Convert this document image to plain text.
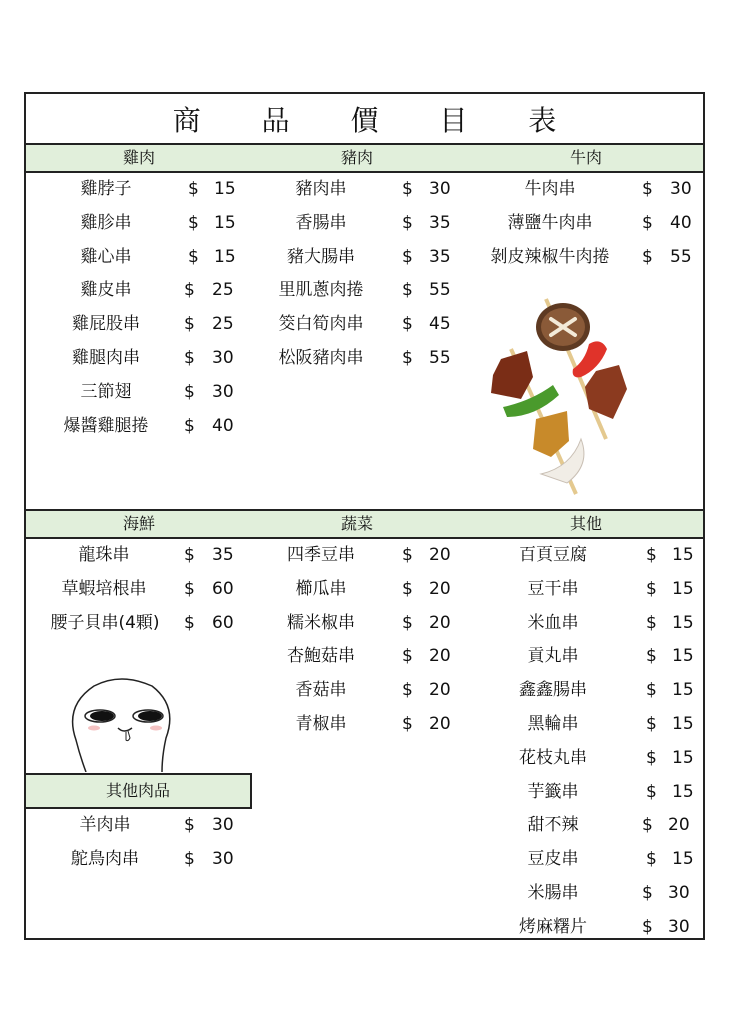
商 品 價 目 表
雞肉	豬肉	牛肉
雞脖子	$ 15
雞胗串	$ 15
雞心串	$ 15
雞皮串	$ 25
雞屁股串	$ 25
雞腿肉串	$ 30
三節翅	$ 30
爆醬雞腿捲	$ 40
豬肉串	$ 30
香腸串	$ 35
豬大腸串	$ 35
里肌蔥肉捲	$ 55
筊白筍肉串	$ 45
松阪豬肉串	$ 55
牛肉串	$ 30
薄鹽牛肉串	$ 40
剝皮辣椒牛肉捲	$ 55
海鮮	蔬菜	其他
龍珠串	$ 35
草蝦培根串	$ 60
腰子貝串(4顆)	$ 60
四季豆串	$ 20
櫛瓜串	$ 20
糯米椒串	$ 20
杏鮑菇串	$ 20
香菇串	$ 20
青椒串	$ 20
百頁豆腐	$ 15
豆干串	$ 15
米血串	$ 15
貢丸串	$ 15
鑫鑫腸串	$ 15
黑輪串	$ 15
花枝丸串	$ 15
芋籤串	$ 15
甜不辣	$ 20
豆皮串	$ 15
米腸串	$ 30
烤麻糬片	$ 30
其他肉品
羊肉串	$ 30
鴕鳥肉串	$ 30
